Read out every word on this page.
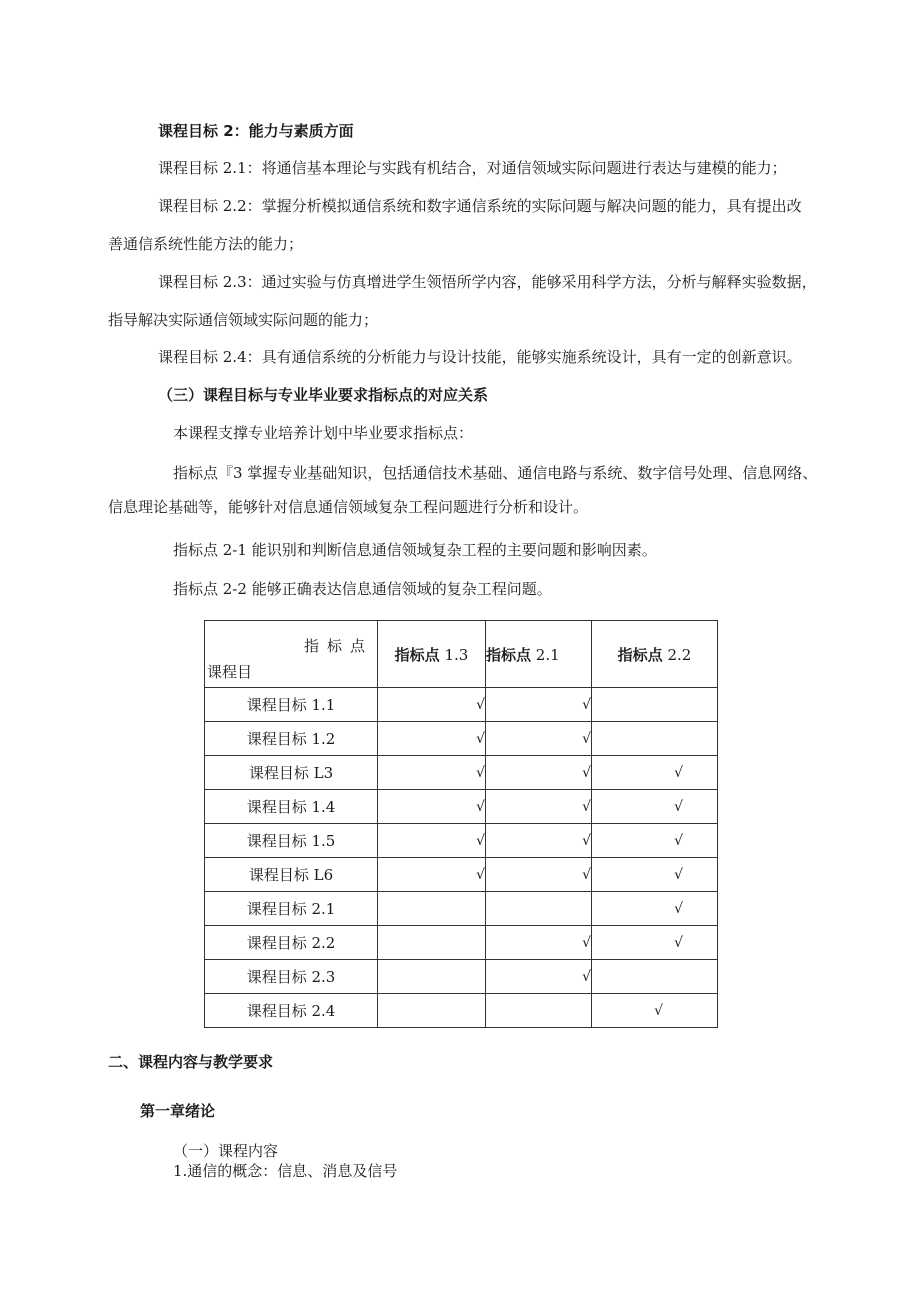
课程目标 2：能力与素质方面
课程目标 2.1：将通信基本理论与实践有机结合，对通信领域实际问题进行表达与建模的能力；
课程目标 2.2：掌握分析模拟通信系统和数字通信系统的实际问题与解决问题的能力，具有提出改
善通信系统性能方法的能力；
课程目标 2.3：通过实验与仿真增进学生领悟所学内容，能够采用科学方法，分析与解释实验数据，
指导解决实际通信领域实际问题的能力；
课程目标 2.4：具有通信系统的分析能力与设计技能，能够实施系统设计，具有一定的创新意识。
（三）课程目标与专业毕业要求指标点的对应关系
本课程支撑专业培养计划中毕业要求指标点：
指标点『3 掌握专业基础知识，包括通信技术基础、通信电路与系统、数字信号处理、信息网络、
信息理论基础等，能够针对信息通信领域复杂工程问题进行分析和设计。
指标点 2-1 能识别和判断信息通信领域复杂工程的主要问题和影响因素。
指标点 2-2 能够正确表达信息通信领域的复杂工程问题。
指标点
课程目	指标点 1.3	指标点 2.1	指标点 2.2
课程目标 1.1	√	√	
课程目标 1.2	√	√	
课程目标 L3	√	√	√
课程目标 1.4	√	√	√
课程目标 1.5	√	√	√
课程目标 L6	√	√	√
课程目标 2.1			√
课程目标 2.2		√	√
课程目标 2.3		√	
课程目标 2.4			√
二、课程内容与教学要求
第一章绪论
（一）课程内容
1.通信的概念：信息、消息及信号
